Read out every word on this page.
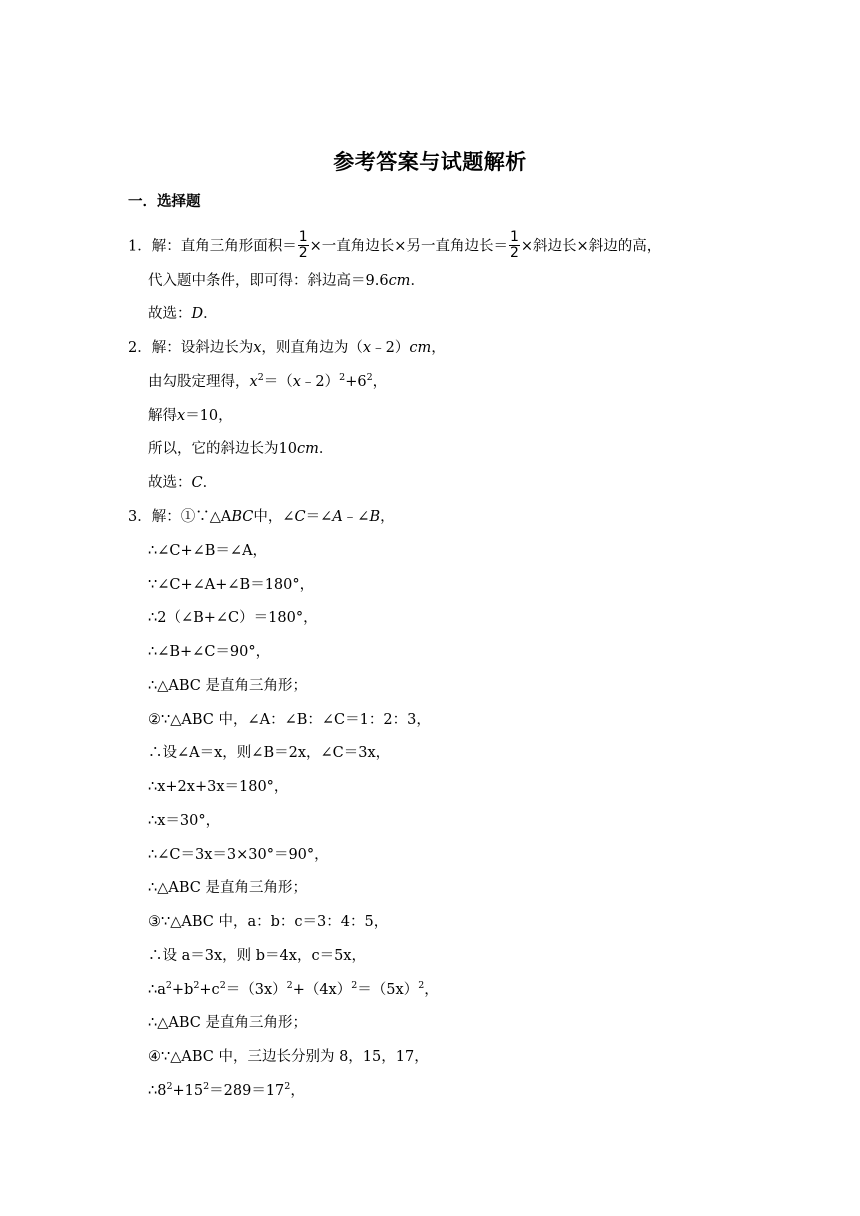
参考答案与试题解析
一．选择题
1．解：直角三角形面积＝ $\frac{1}{2}$ ×一直角边长×另一直角边长＝ $\frac{1}{2}$ ×斜边长×斜边的高，
代入题中条件，即可得：斜边高＝9.6cm．
故选：D．
2．解：设斜边长为x，则直角边为（x﹣2）cm，
由勾股定理得，$x^2=(x﹣2)^2+6^2$，
解得x＝10，
所以，它的斜边长为10cm．
故选：C．
3．解：①∵△ABC中，∠C＝∠A﹣∠B，
∴∠C+∠B＝∠A，
∵∠C+∠A+∠B＝180°，
∴2（∠B+∠C）＝180°，
∴∠B+∠C＝90°，
∴△ABC 是直角三角形；
②∵△ABC 中，∠A：∠B：∠C＝1：2：3，
∴设∠A＝x，则∠B＝2x，∠C＝3x，
∴x+2x+3x＝180°，
∴x＝30°，
∴∠C＝3x＝3×30°＝90°，
∴△ABC 是直角三角形；
③∵△ABC 中，a：b：c＝3：4：5，
∴设 a＝3x，则 b＝4x，c＝5x，
$\therefore a^2+b^2+c^2=(3x)^2+(4x)^2=(5x)^2$，
∴△ABC 是直角三角形；
④∵△ABC 中，三边长分别为 8，15，17，
$\therefore 8^2+15^2=289=17^2$，
